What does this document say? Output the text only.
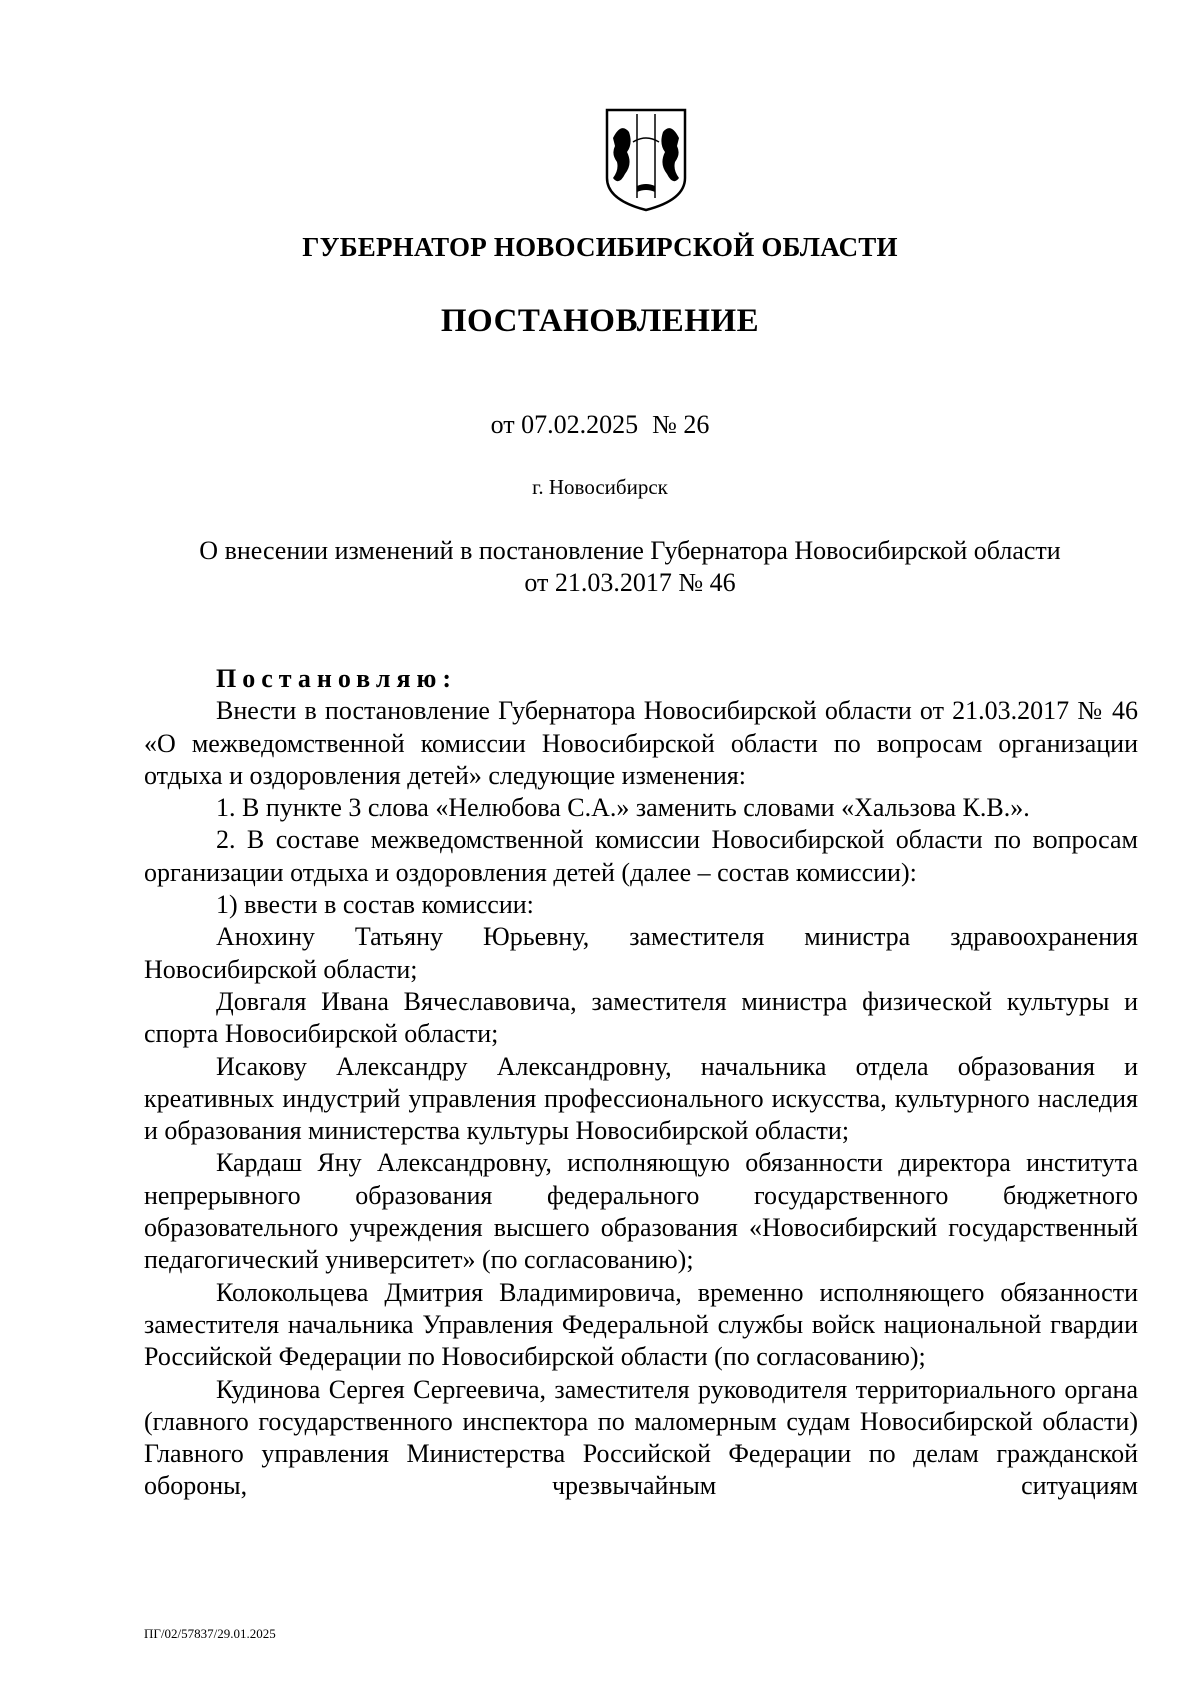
ГУБЕРНАТОР НОВОСИБИРСКОЙ ОБЛАСТИ
ПОСТАНОВЛЕНИЕ
от 07.02.2025 № 26
г. Новосибирск
О внесении изменений в постановление Губернатора Новосибирской области
от 21.03.2017 № 46

Постановляю:

Внести в постановление Губернатора Новосибирской области от 21.03.2017 № 46 «О межведомственной комиссии Новосибирской области по вопросам организации отдыха и оздоровления детей» следующие изменения:

1. В пункте 3 слова «Нелюбова С.А.» заменить словами «Хальзова К.В.».

2. В составе межведомственной комиссии Новосибирской области по вопросам организации отдыха и оздоровления детей (далее – состав комиссии):

1) ввести в состав комиссии:

Анохину Татьяну Юрьевну, заместителя министра здравоохранения Новосибирской области;

Довгаля Ивана Вячеславовича, заместителя министра физической культуры и спорта Новосибирской области;

Исакову Александру Александровну, начальника отдела образования и креативных индустрий управления профессионального искусства, культурного наследия и образования министерства культуры Новосибирской области;

Кардаш Яну Александровну, исполняющую обязанности директора института непрерывного образования федерального государственного бюджетного образовательного учреждения высшего образования «Новосибирский государственный педагогический университет» (по согласованию);

Колокольцева Дмитрия Владимировича, временно исполняющего обязанности заместителя начальника Управления Федеральной службы войск национальной гвардии Российской Федерации по Новосибирской области (по согласованию);

Кудинова Сергея Сергеевича, заместителя руководителя территориального органа (главного государственного инспектора по маломерным судам Новосибирской области) Главного управления Министерства Российской Федерации по делам гражданской обороны, чрезвычайным ситуациям

ПГ/02/57837/29.01.2025
